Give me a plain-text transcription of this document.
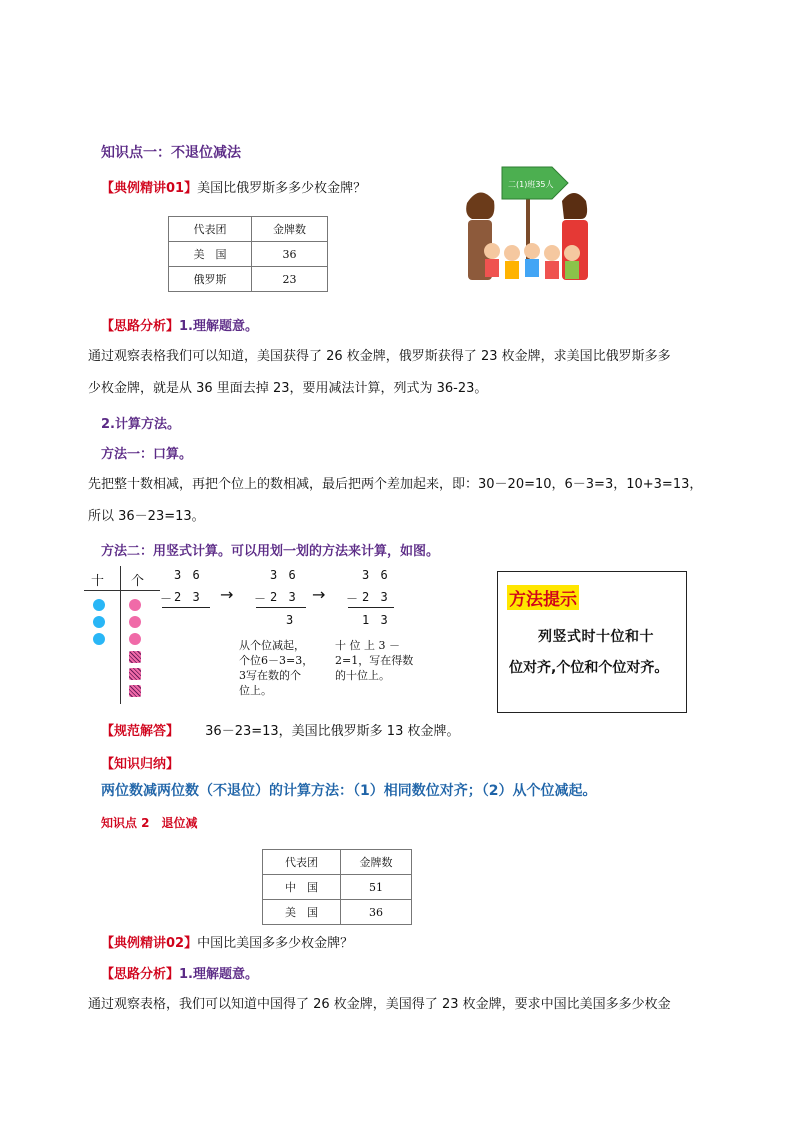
知识点一：不退位减法
【典例精讲01】美国比俄罗斯多多少枚金牌？
代表团	金牌数
美　国	36
俄罗斯	23
二(1)班35人
【思路分析】1.理解题意。
通过观察表格我们可以知道，美国获得了 26 枚金牌，俄罗斯获得了 23 枚金牌，求美国比俄罗斯多多
少枚金牌，就是从 36 里面去掉 23，要用减法计算，列式为 36-23。
2.计算方法。
方法一：口算。
先把整十数相减，再把个位上的数相减，最后把两个差加起来，即：30－20=10，6－3=3，10+3=13，
所以 36－23=13。
方法二：用竖式计算。可以用划一划的方法来计算，如图。
十 个 3 6
－ 2 3 →
3 6
－ 2 3
3
→
3 6
－ 2 3
1 3
从个位减起，
个位6－3=3，
3写在数的个
位上。
十 位 上 3 －
2=1，写在得数
的十位上。
方法提示
列竖式时十位和十
位对齐,个位和个位对齐。
【规范解答】 36－23=13，美国比俄罗斯多 13 枚金牌。
【知识归纳】
两位数减两位数（不退位）的计算方法：（1）相同数位对齐；（2）从个位减起。
知识点 2　退位减
代表团	金牌数
中　国	51
美　国	36
【典例精讲02】中国比美国多多少枚金牌？
【思路分析】1.理解题意。
通过观察表格，我们可以知道中国得了 26 枚金牌，美国得了 23 枚金牌，要求中国比美国多多少枚金
